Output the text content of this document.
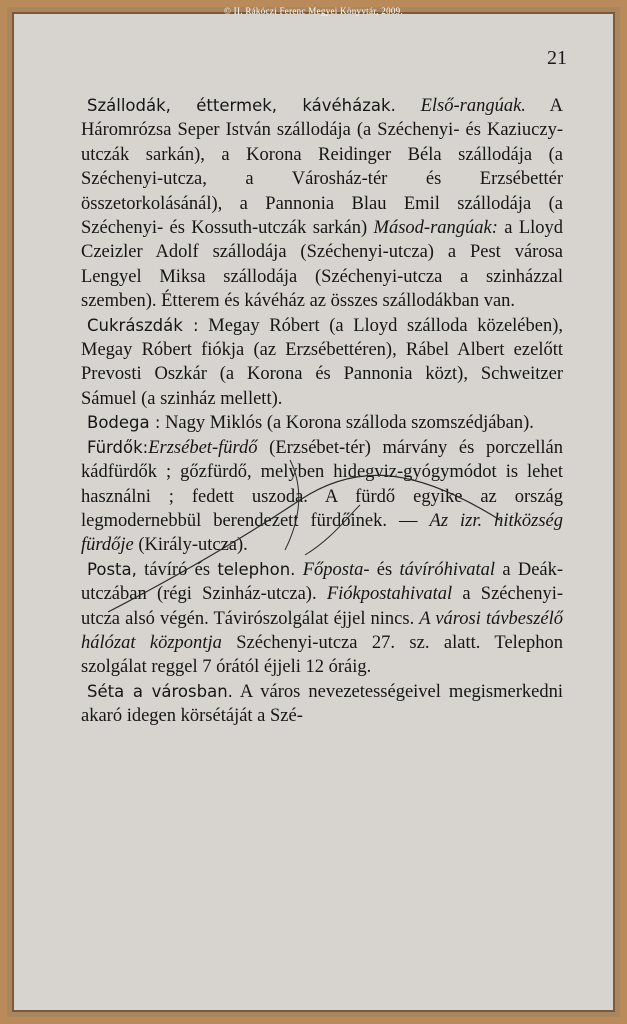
© II. Rákóczi Ferenc Megyei Könyvtár, 2009.
21

Szállodák, éttermek, kávéházak. Első-rangúak. A Háromrózsa Seper István szállodája (a Széchenyi- és Kaziuczy-utczák sarkán), a Korona Reidinger Béla szállodája (a Széchenyi-utcza, a Városház-tér és Erzsébettér összetorkolásánál), a Pannonia Blau Emil szállodája (a Széchenyi- és Kossuth-utczák sarkán) Másod-rangúak: a Lloyd Czeizler Adolf szállodája (Széchenyi-utcza) a Pest városa Lengyel Miksa szállodája (Széchenyi-utcza a szinházzal szemben). Étterem és kávéház az összes szállodákban van.

Cukrászdák : Megay Róbert (a Lloyd szálloda közelében), Megay Róbert fiókja (az Erzsébettéren), Rábel Albert ezelőtt Prevosti Oszkár (a Korona és Pannonia közt), Schweitzer Sámuel (a szinház mellett).

Bodega : Nagy Miklós (a Korona szálloda szomszédjában).

Fürdők:Erzsébet-fürdő (Erzsébet-tér) márvány és porczellán kádfürdők ; gőzfürdő, melyben hidegviz-gyógymódot is lehet használni ; fedett uszoda. A fürdő egyike az ország legmodernebbül berendezett fürdőinek. — Az izr. hitközség fürdője (Király-utcza).

Posta, távíró és telephon. Főposta- és távíróhivatal a Deák-utczában (régi Szinház-utcza). Fiókpostahivatal a Széchenyi-utcza alsó végén. Távirószolgálat éjjel nincs. A városi távbeszélő hálózat központja Széchenyi-utcza 27. sz. alatt. Telephon szolgálat reggel 7 órától éjjeli 12 óráig.

Séta a városban. A város nevezetességeivel megismerkedni akaró idegen körsétáját a Szé-
